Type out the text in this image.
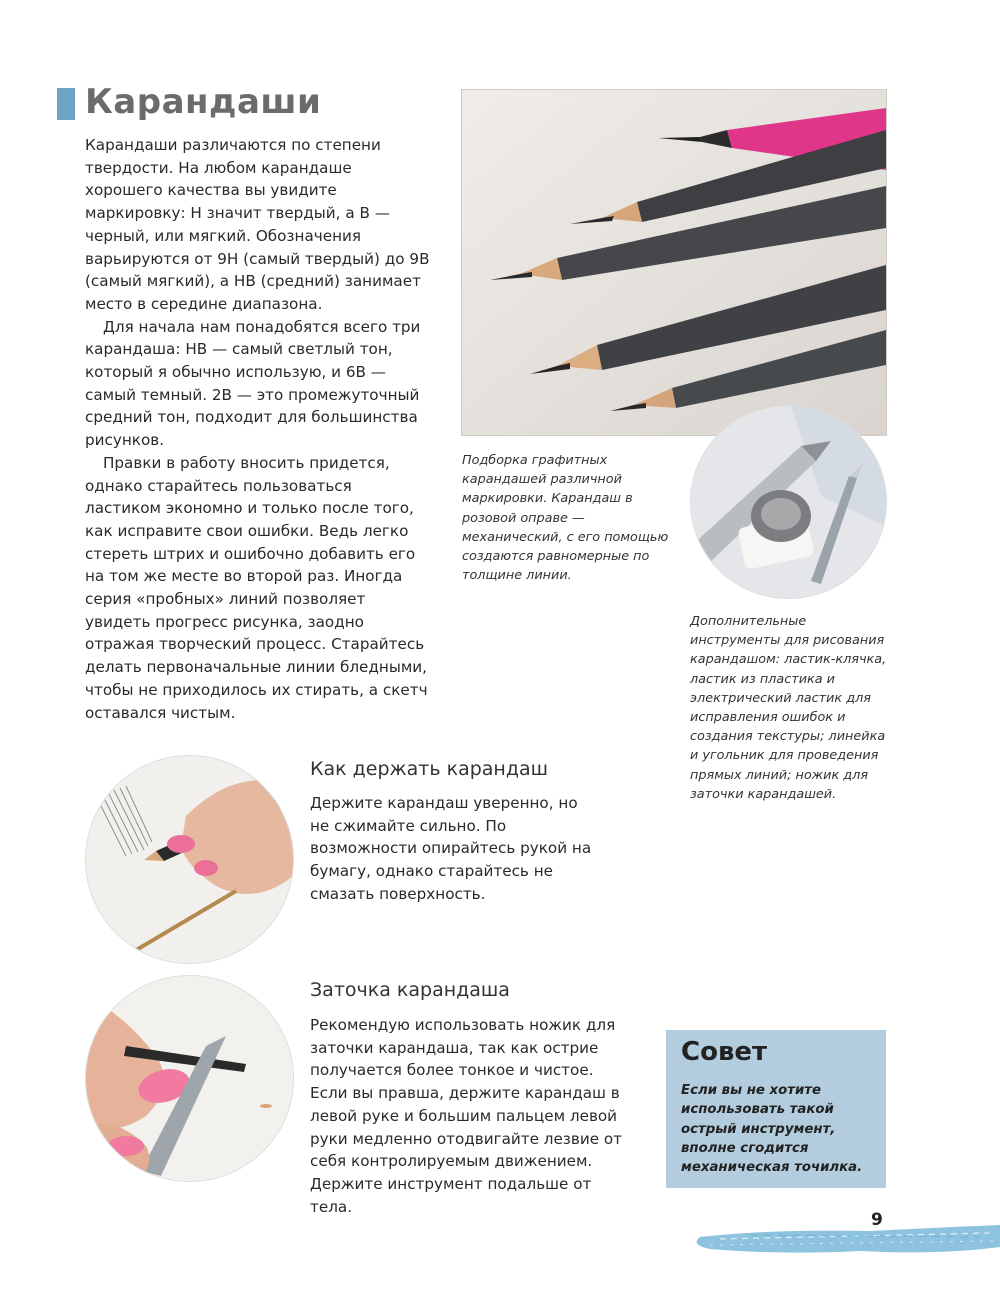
Карандаши

Карандаши различаются по степени твердости. На любом карандаше хорошего качества вы увидите маркировку: H значит твердый, а B — черный, или мягкий. Обозначения варьируются от 9H (самый твердый) до 9B (самый мягкий), а HB (средний) занимает место в середине диапазона.

Для начала нам понадобятся всего три карандаша: HB — самый светлый тон, который я обычно использую, и 6B — самый темный. 2B — это промежуточный средний тон, подходит для большинства рисунков.

Правки в работу вносить придется, однако старайтесь пользоваться ластиком экономно и только после того, как исправите свои ошибки. Ведь легко стереть штрих и ошибочно добавить его на том же месте во второй раз. Иногда серия «пробных» линий позволяет увидеть прогресс рисунка, заодно отражая творческий процесс. Старайтесь делать первоначальные линии бледными, чтобы не приходилось их стирать, а скетч оставался чистым.

Подборка графитных карандашей различной маркировки. Карандаш в розовой оправе — механический, с его помощью создаются равномерные по толщине линии.
Дополнительные инструменты для рисования карандашом: ластик-клячка, ластик из пластика и электрический ластик для исправления ошибок и создания текстуры; линейка и угольник для проведения прямых линий; ножик для заточки карандашей.
Как держать карандаш
Держите карандаш уверенно, но не сжимайте сильно. По возможности опирайтесь рукой на бумагу, однако старайтесь не смазать поверхность.
Заточка карандаша
Рекомендую использовать ножик для заточки карандаша, так как острие получается более тонкое и чистое. Если вы правша, держите карандаш в левой руке и большим пальцем левой руки медленно отодвигайте лезвие от себя контролируемым движением. Держите инструмент подальше от тела.
Совет
Если вы не хотите использовать такой острый инструмент, вполне сгодится механическая точилка.
9
